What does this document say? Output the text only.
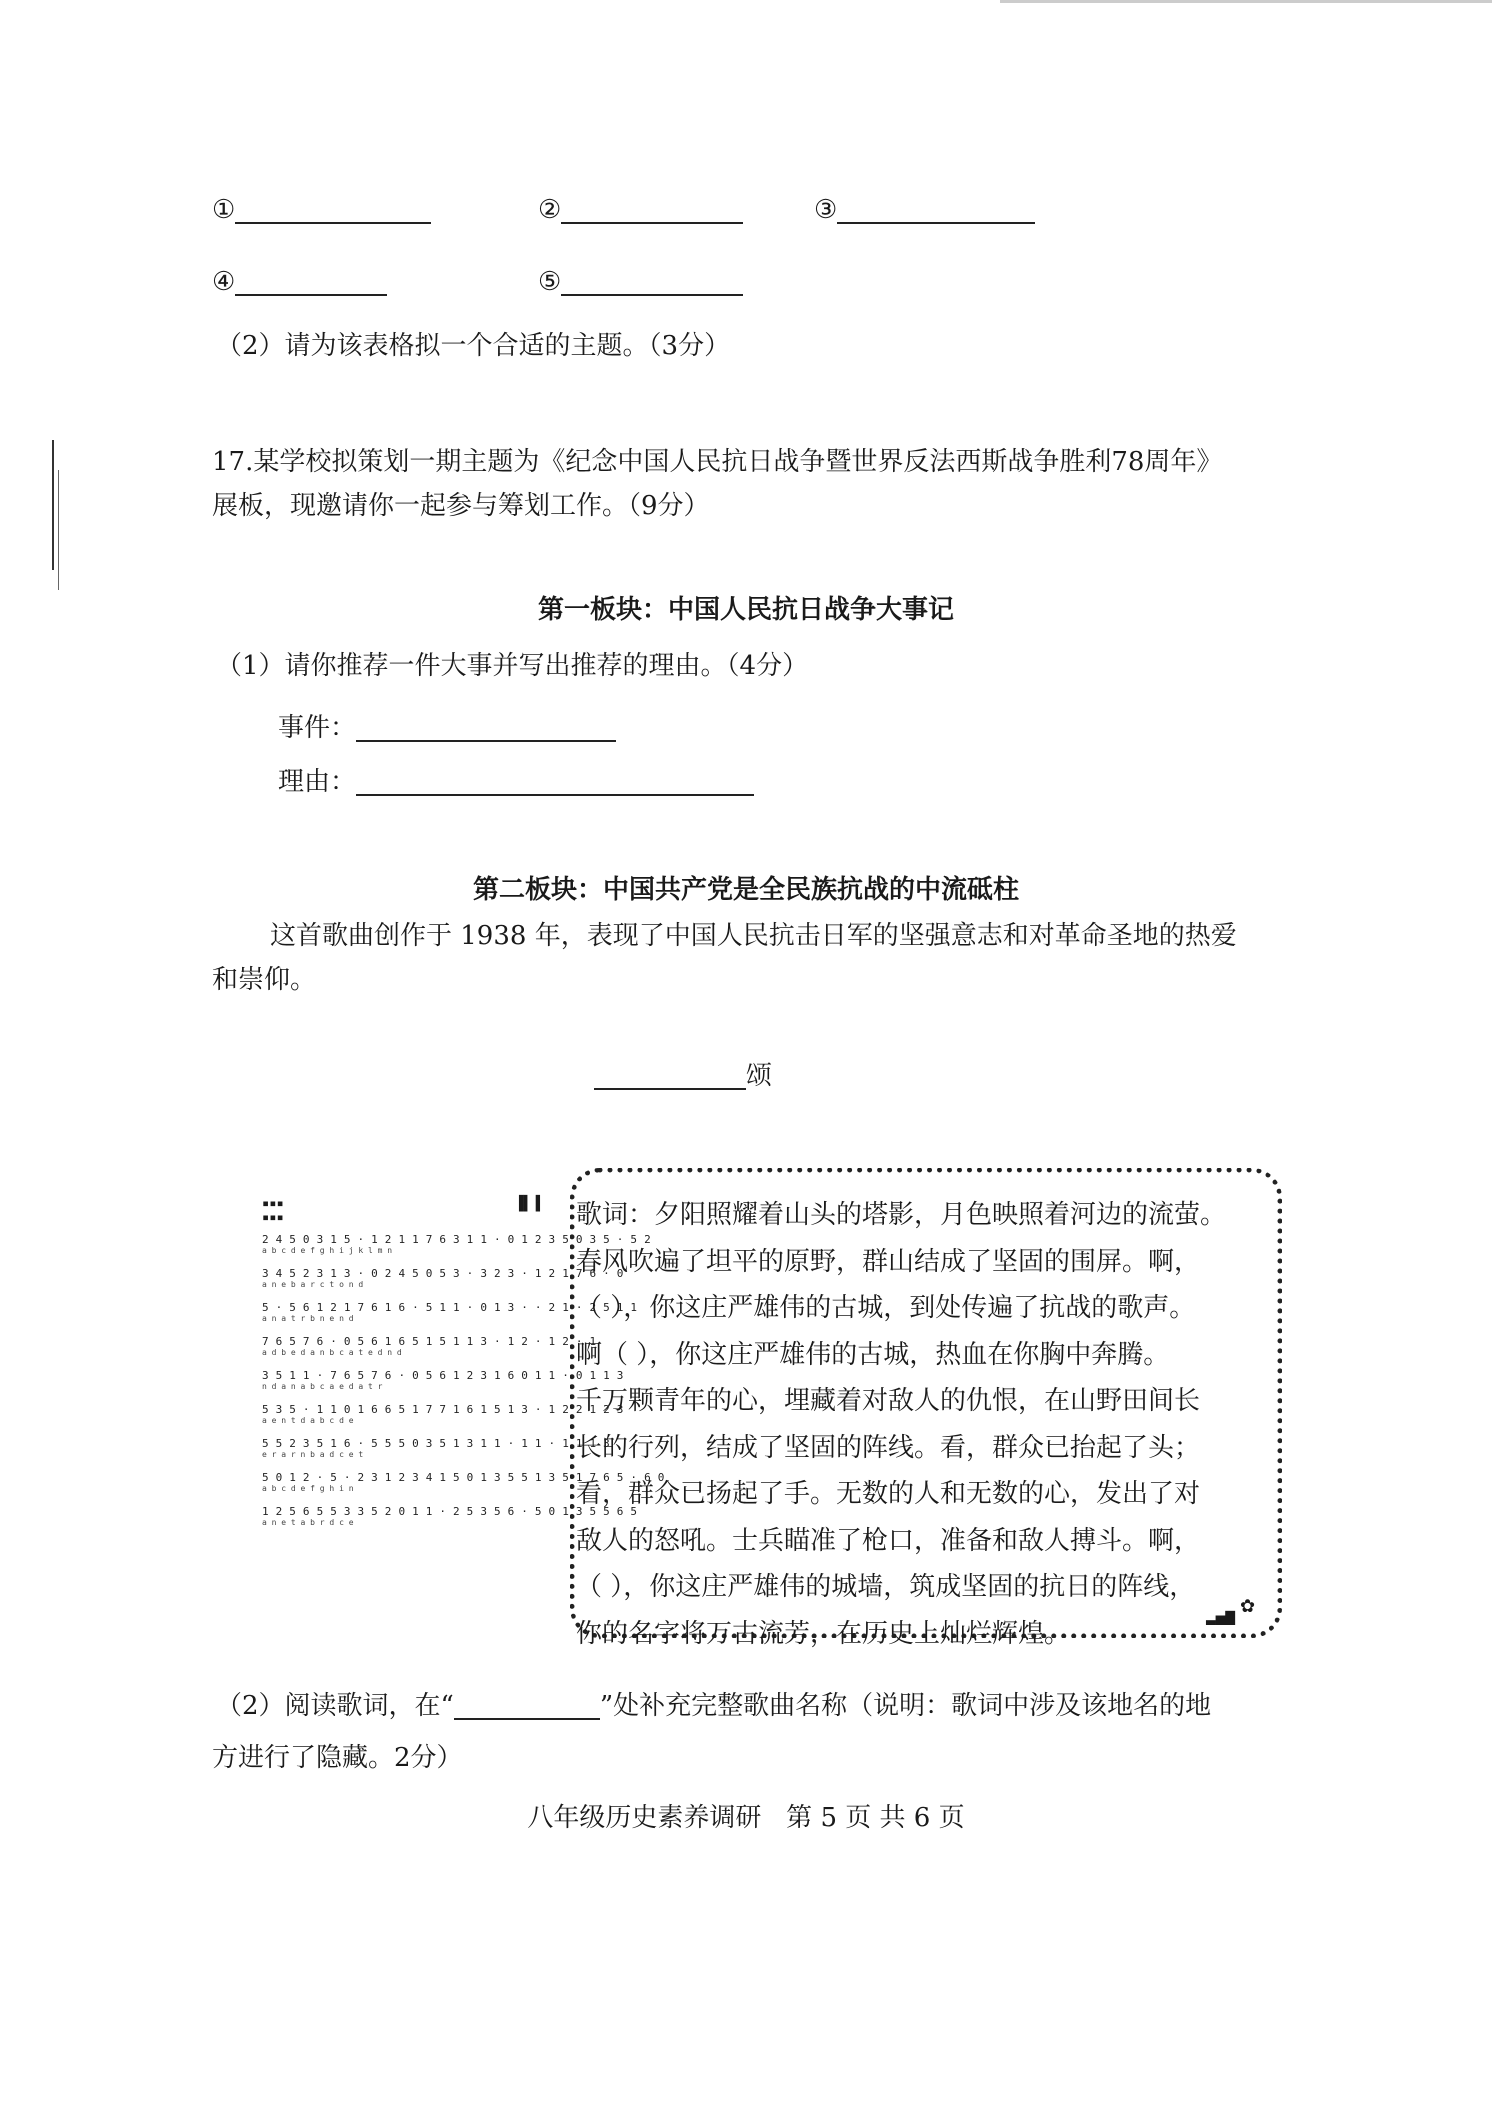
①	②	③
④	⑤
（2）请为该表格拟一个合适的主题。（3分）
17.某学校拟策划一期主题为《纪念中国人民抗日战争暨世界反法西斯战争胜利78周年》
展板，现邀请你一起参与筹划工作。（9分）
第一板块：中国人民抗日战争大事记
（1）请你推荐一件大事并写出推荐的理由。（4分）
事件：
理由：
第二板块：中国共产党是全民族抗战的中流砥柱
这首歌曲创作于 1938 年，表现了中国人民抗击日军的坚强意志和对革命圣地的热爱
和崇仰。
颂
▪▪▪
▪▪▪
▐▌▐
2 4 5 0 3 1 5 · 1 2 1 1 7 6 3 1 1 · 0 1 2 3 5 0 3 5 · 5 2
a b c d e f g h i j k l m n
3 4 5 2 3 1 3 · 0 2 4 5 0 5 3 · 3 2 3 · 1 2 1 7 6 · 0
a n e b a r c t o n d
5 · 5 6 1 2 1 7 6 1 6 · 5 1 1 · 0 1 3 · · 2 1 · 2 5 1 1
a n a t r b n e n d
7 6 5 7 6 · 0 5 6 1 6 5 1 5 1 1 3 · 1 2 · 1 2 · 1
a d b e d a n b c a t e d n d
3 5 1 1 · 7 6 5 7 6 · 0 5 6 1 2 3 1 6 0 1 1 · 0 1 1 3
n d a n a b c a e d a t r
5 3 5 · 1 1 0 1 6 6 5 1 7 7 1 6 1 5 1 3 · 1 2 2 1 2 3
a e n t d a b c d e
5 5 2 3 5 1 6 · 5 5 5 0 3 5 1 3 1 1 · 1 1 · 1 1 1 3
e r a r n b a d c e t
5 0 1 2 · 5 · 2 3 1 2 3 4 1 5 0 1 3 5 5 1 3 5 1 7 6 5 · 6 0
a b c d e f g h i n
1 2 5 6 5 5 3 3 5 2 0 1 1 · 2 5 3 5 6 · 5 0 1 3 5 5 6 5
a n e t a b r d c e
✿
▂▄▆
歌词：夕阳照耀着山头的塔影，月色映照着河边的流萤。
春风吹遍了坦平的原野，群山结成了坚固的围屏。啊，
（ ），你这庄严雄伟的古城，到处传遍了抗战的歌声。
啊（ ），你这庄严雄伟的古城，热血在你胸中奔腾。
千万颗青年的心，埋藏着对敌人的仇恨，在山野田间长
长的行列，结成了坚固的阵线。看，群众已抬起了头；
看，群众已扬起了手。无数的人和无数的心，发出了对
敌人的怒吼。士兵瞄准了枪口，准备和敌人搏斗。啊，
（ ），你这庄严雄伟的城墙，筑成坚固的抗日的阵线，
你的名字将万古流芳，在历史上灿烂辉煌。
（2）阅读歌词，在“	”处补充完整歌曲名称（说明：歌词中涉及该地名的地
方进行了隐藏。2分）
八年级历史素养调研   第 5 页 共 6 页
